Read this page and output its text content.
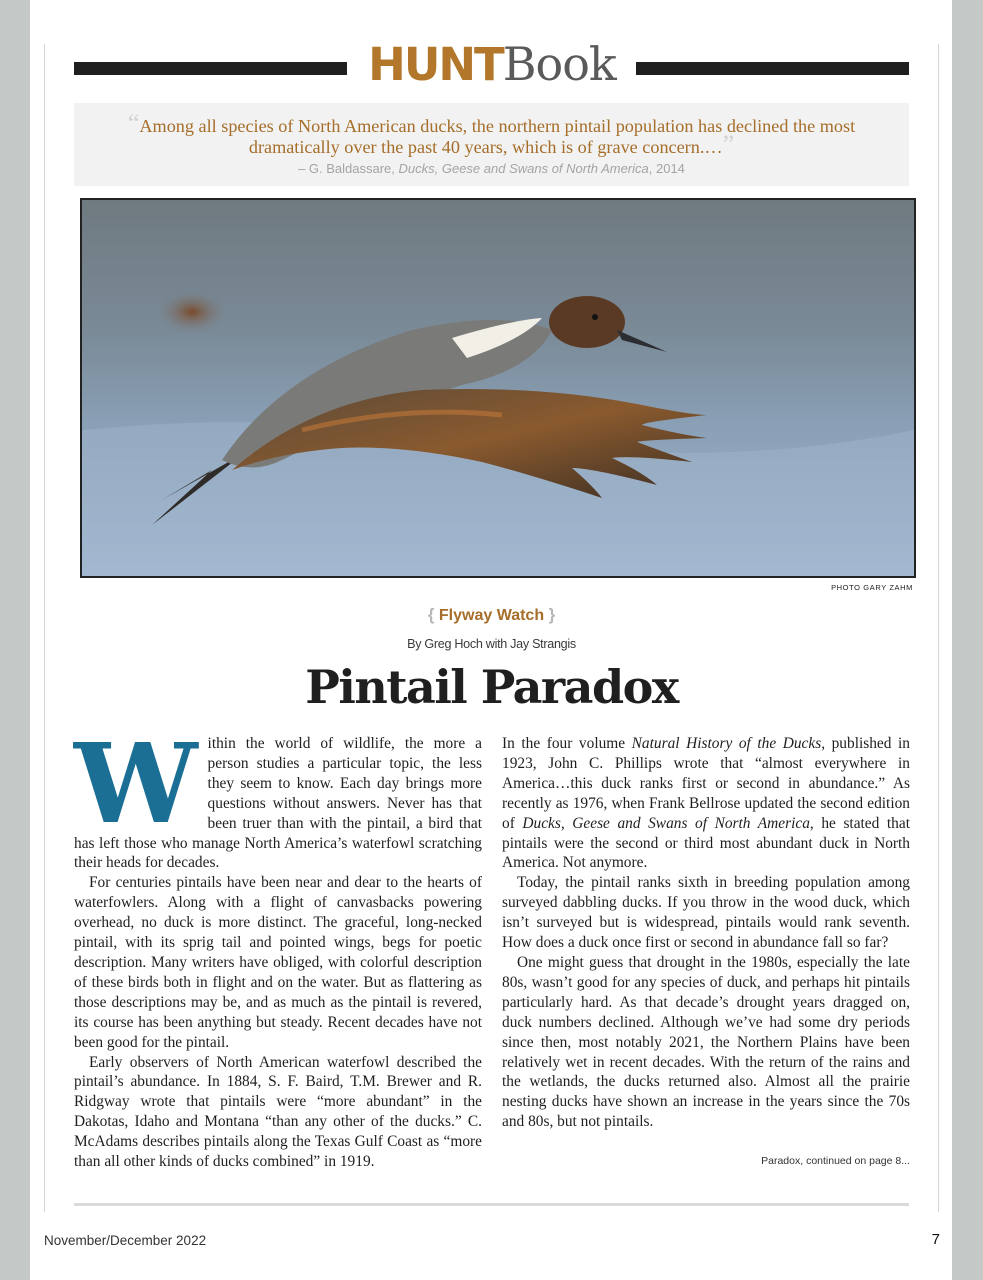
HUNTBook
“Among all species of North American ducks, the northern pintail population has declined the most dramatically over the past 40 years, which is of grave concern.…”
– G. Baldassare, Ducks, Geese and Swans of North America, 2014
PHOTO GARY ZAHM
{ Flyway Watch }
By Greg Hoch with Jay Strangis
Pintail Paradox

Within the world of wildlife, the more a person studies a particular topic, the less they seem to know. Each day brings more questions without answers. Never has that been truer than with the pintail, a bird that has left those who manage North America’s waterfowl scratching their heads for decades.

For centuries pintails have been near and dear to the hearts of waterfowlers. Along with a flight of canvasbacks powering overhead, no duck is more distinct. The graceful, long-necked pintail, with its sprig tail and pointed wings, begs for poetic description. Many writers have obliged, with colorful description of these birds both in flight and on the water. But as flattering as those descriptions may be, and as much as the pintail is revered, its course has been anything but steady. Recent decades have not been good for the pintail.

Early observers of North American waterfowl described the pintail’s abundance. In 1884, S. F. Baird, T.M. Brewer and R. Ridgway wrote that pintails were “more abundant” in the Dakotas, Idaho and Montana “than any other of the ducks.” C. McAdams describes pintails along the Texas Gulf Coast as “more than all other kinds of ducks combined” in 1919.

In the four volume Natural History of the Ducks, published in 1923, John C. Phillips wrote that “almost everywhere in America…this duck ranks first or second in abundance.” As recently as 1976, when Frank Bellrose updated the second edition of Ducks, Geese and Swans of North America, he stated that pintails were the second or third most abundant duck in North America. Not anymore.

Today, the pintail ranks sixth in breeding population among surveyed dabbling ducks. If you throw in the wood duck, which isn’t surveyed but is widespread, pintails would rank seventh. How does a duck once first or second in abundance fall so far?

One might guess that drought in the 1980s, especially the late 80s, wasn’t good for any species of duck, and perhaps hit pintails particularly hard. As that decade’s drought years dragged on, duck numbers declined. Although we’ve had some dry periods since then, most notably 2021, the Northern Plains have been relatively wet in recent decades. With the return of the rains and the wetlands, the ducks returned also. Almost all the prairie nesting ducks have shown an increase in the years since the 70s and 80s, but not pintails.

Paradox, continued on page 8...
November/December 2022	7
